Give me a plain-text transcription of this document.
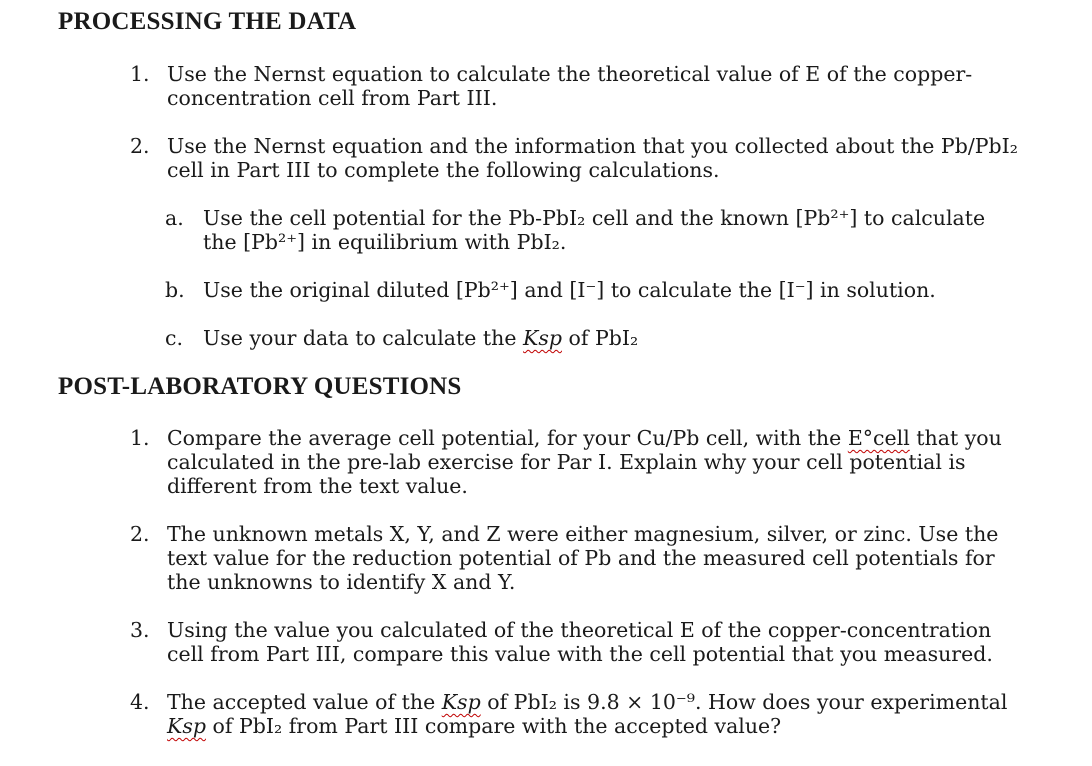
PROCESSING THE DATA
1. Use the Nernst equation to calculate the theoretical value of E of the copper-concentration cell from Part III.
2. Use the Nernst equation and the information that you collected about the Pb/PbI₂ cell in Part III to complete the following calculations.
a. Use the cell potential for the Pb-PbI₂ cell and the known [Pb²⁺] to calculate the [Pb²⁺] in equilibrium with PbI₂.
b. Use the original diluted [Pb²⁺] and [I⁻] to calculate the [I⁻] in solution.
c. Use your data to calculate the Ksp of PbI₂
POST-LABORATORY QUESTIONS
1. Compare the average cell potential, for your Cu/Pb cell, with the E°cell that you calculated in the pre-lab exercise for Par I. Explain why your cell potential is different from the text value.
2. The unknown metals X, Y, and Z were either magnesium, silver, or zinc. Use the text value for the reduction potential of Pb and the measured cell potentials for the unknowns to identify X and Y.
3. Using the value you calculated of the theoretical E of the copper-concentration cell from Part III, compare this value with the cell potential that you measured.
4. The accepted value of the Ksp of PbI₂ is 9.8 × 10⁻⁹. How does your experimental Ksp of PbI₂ from Part III compare with the accepted value?
